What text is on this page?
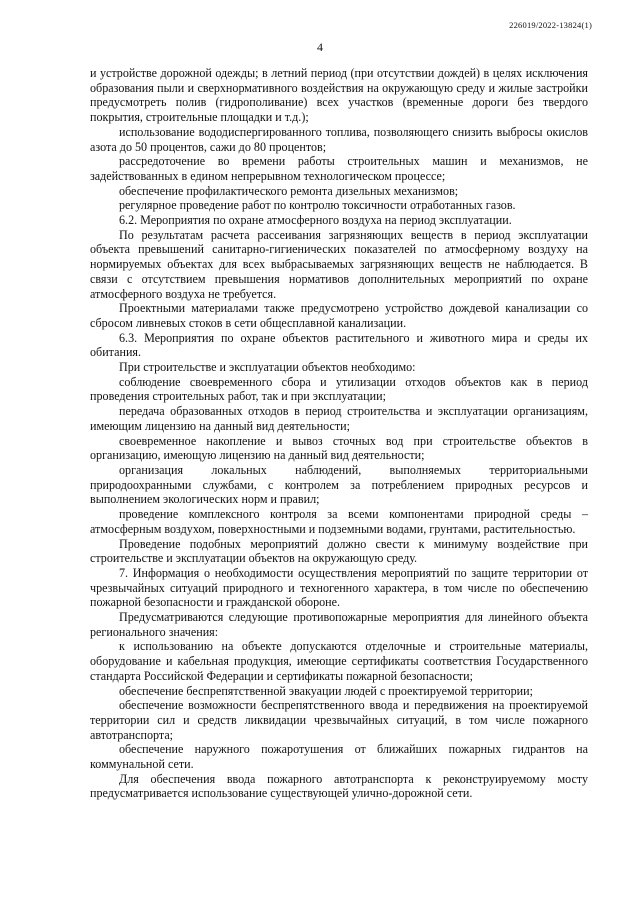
226019/2022-13824(1)
4

и устройстве дорожной одежды; в летний период (при отсутствии дождей) в целях исключения образования пыли и сверхнормативного воздействия на окружающую среду и жилые застройки предусмотреть полив (гидрополивание) всех участков (временные дороги без твердого покрытия, строительные площадки и т.д.);

использование вододиспергированного топлива, позволяющего снизить выбросы окислов азота до 50 процентов, сажи до 80 процентов;

рассредоточение во времени работы строительных машин и механизмов, не задействованных в едином непрерывном технологическом процессе;

обеспечение профилактического ремонта дизельных механизмов;

регулярное проведение работ по контролю токсичности отработанных газов.

6.2. Мероприятия по охране атмосферного воздуха на период эксплуатации.

По результатам расчета рассеивания загрязняющих веществ в период эксплуатации объекта превышений санитарно-гигиенических показателей по атмосферному воздуху на нормируемых объектах для всех выбрасываемых загрязняющих веществ не наблюдается. В связи с отсутствием превышения нормативов дополнительных мероприятий по охране атмосферного воздуха не требуется.

Проектными материалами также предусмотрено устройство дождевой канализации со сбросом ливневых стоков в сети общесплавной канализации.

6.3. Мероприятия по охране объектов растительного и животного мира и среды их обитания.

При строительстве и эксплуатации объектов необходимо:

соблюдение своевременного сбора и утилизации отходов объектов как в период проведения строительных работ, так и при эксплуатации;

передача образованных отходов в период строительства и эксплуатации организациям, имеющим лицензию на данный вид деятельности;

своевременное накопление и вывоз сточных вод при строительстве объектов в организацию, имеющую лицензию на данный вид деятельности;

организация локальных наблюдений, выполняемых территориальными природоохранными службами, с контролем за потреблением природных ресурсов и выполнением экологических норм и правил;

проведение комплексного контроля за всеми компонентами природной среды – атмосферным воздухом, поверхностными и подземными водами, грунтами, растительностью.

Проведение подобных мероприятий должно свести к минимуму воздействие при строительстве и эксплуатации объектов на окружающую среду.

7. Информация о необходимости осуществления мероприятий по защите территории от чрезвычайных ситуаций природного и техногенного характера, в том числе по обеспечению пожарной безопасности и гражданской обороне.

Предусматриваются следующие противопожарные мероприятия для линейного объекта регионального значения:

к использованию на объекте допускаются отделочные и строительные материалы, оборудование и кабельная продукция, имеющие сертификаты соответствия Государственного стандарта Российской Федерации и сертификаты пожарной безопасности;

обеспечение беспрепятственной эвакуации людей с проектируемой территории;

обеспечение возможности беспрепятственного ввода и передвижения на проектируемой территории сил и средств ликвидации чрезвычайных ситуаций, в том числе пожарного автотранспорта;

обеспечение наружного пожаротушения от ближайших пожарных гидрантов на коммунальной сети.

Для обеспечения ввода пожарного автотранспорта к реконструируемому мосту предусматривается использование существующей улично-дорожной сети.
